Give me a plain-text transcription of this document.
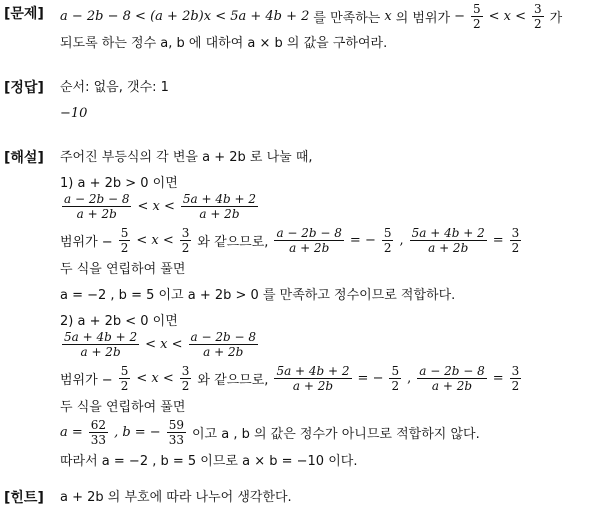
[문제] a − 2b − 8 < (a + 2b)x < 5a + 4b + 2 를 만족하는 x 의 범위가 − $\frac{5}{2} < x < \frac{3}{2}$ 가
되도록 하는 정수 a, b 에 대하여 a × b 의 값을 구하여라.
[정답] 순서: 없음, 갯수: 1
−10
[해설] 주어진 부등식의 각 변을 a + 2b 로 나눌 때,
1) a + 2b > 0 이면
$\frac{a - 2b - 8}{a + 2b} < x < \frac{5a + 4b + 2}{a + 2b}$
범위가 − $\frac{5}{2} < x < \frac{3}{2}$ 와 같으므로, $\frac{a - 2b - 8}{a + 2b}$ = − $\frac{5}{2}$ , $\frac{5a + 4b + 2}{a + 2b} = \frac{3}{2}$
두 식을 연립하여 풀면
a = −2 , b = 5 이고 a + 2b > 0 를 만족하고 정수이므로 적합하다.
2) a + 2b < 0 이면
$\frac{5a + 4b + 2}{a + 2b} < x < \frac{a - 2b - 8}{a + 2b}$
범위가 − $\frac{5}{2} < x < \frac{3}{2}$ 와 같으므로, $\frac{5a + 4b + 2}{a + 2b}$ = − $\frac{5}{2}$ , $\frac{a - 2b - 8}{a + 2b} = \frac{3}{2}$
두 식을 연립하여 풀면
$a = \frac{62}{33}$ , b = − $\frac{59}{33}$ 이고 a , b 의 값은 정수가 아니므로 적합하지 않다.
따라서 a = −2 , b = 5 이므로 a × b = −10 이다.
[힌트] a + 2b 의 부호에 따라 나누어 생각한다.
